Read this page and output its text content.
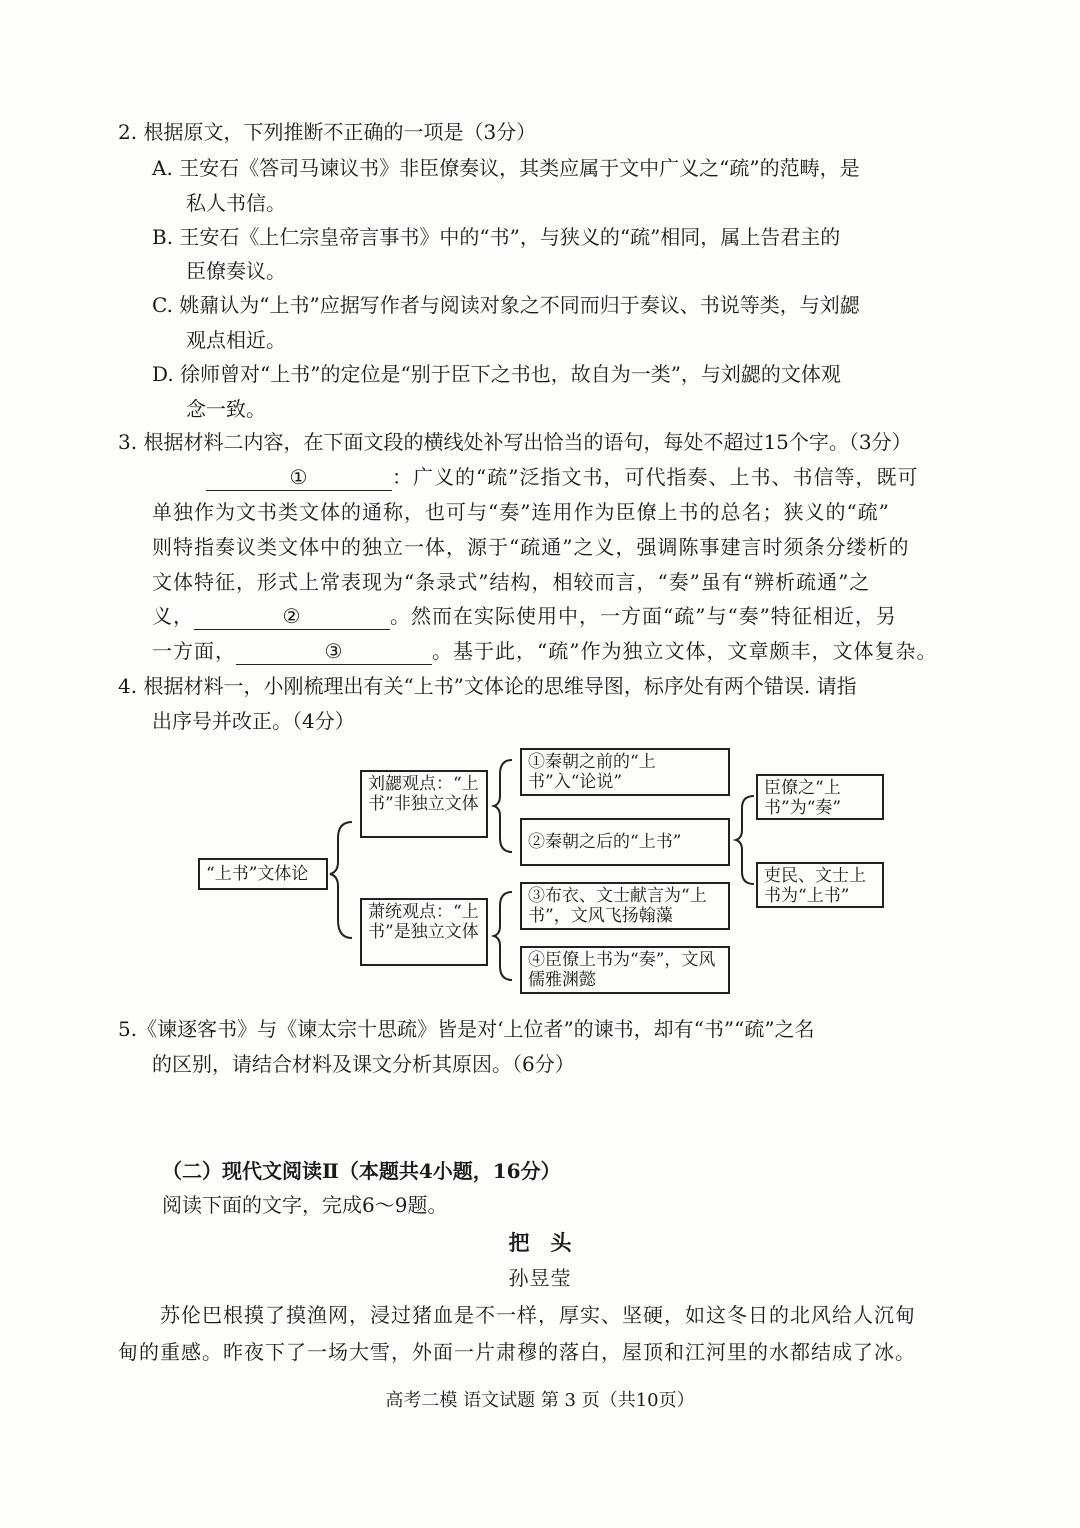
2. 根据原文，下列推断不正确的一项是（3分）
A. 王安石《答司马谏议书》非臣僚奏议，其类应属于文中广义之“疏”的范畴，是
私人书信。
B. 王安石《上仁宗皇帝言事书》中的“书”，与狭义的“疏”相同，属上告君主的
臣僚奏议。
C. 姚鼐认为“上书”应据写作者与阅读对象之不同而归于奏议、书说等类，与刘勰
观点相近。
D. 徐师曾对“上书”的定位是“别于臣下之书也，故自为一类”，与刘勰的文体观
念一致。
3. 根据材料二内容，在下面文段的横线处补写出恰当的语句，每处不超过15个字。（3分）
①	：广义的“疏”泛指文书，可代指奏、上书、书信等，既可
单独作为文书类文体的通称，也可与“奏”连用作为臣僚上书的总名；狭义的“疏”
则特指奏议类文体中的独立一体，源于“疏通”之义，强调陈事建言时须条分缕析的
文体特征，形式上常表现为“条录式”结构，相较而言，“奏”虽有“辨析疏通”之
义，	②	。然而在实际使用中，一方面“疏”与“奏”特征相近，另
一方面，	③	。基于此，“疏”作为独立文体，文章颇丰，文体复杂。
4. 根据材料一，小刚梳理出有关“上书”文体论的思维导图，标序处有两个错误. 请指
出序号并改正。（4分）
“上书”文体论
刘勰观点：“上书”非独立文体
萧统观点：“上书”是独立文体
①秦朝之前的“上书”入“论说”
②秦朝之后的“上书”
③布衣、文士献言为“上书”，文风飞扬翰藻
④臣僚上书为“奏”，文风儒雅渊懿
臣僚之“上书”为“奏”
吏民、文士上书为“上书”
5.《谏逐客书》与《谏太宗十思疏》皆是对‘上位者”的谏书，却有“书”“疏”之名
的区别，请结合材料及课文分析其原因。（6分）
（二）现代文阅读Ⅱ（本题共4小题，16分）
阅读下面的文字，完成6～9题。
把　头
孙昱莹
苏伦巴根摸了摸渔网，浸过猪血是不一样，厚实、坚硬，如这冬日的北风给人沉甸
甸的重感。昨夜下了一场大雪，外面一片肃穆的落白，屋顶和江河里的水都结成了冰。
高考二模 语文试题 第 3 页（共10页）
